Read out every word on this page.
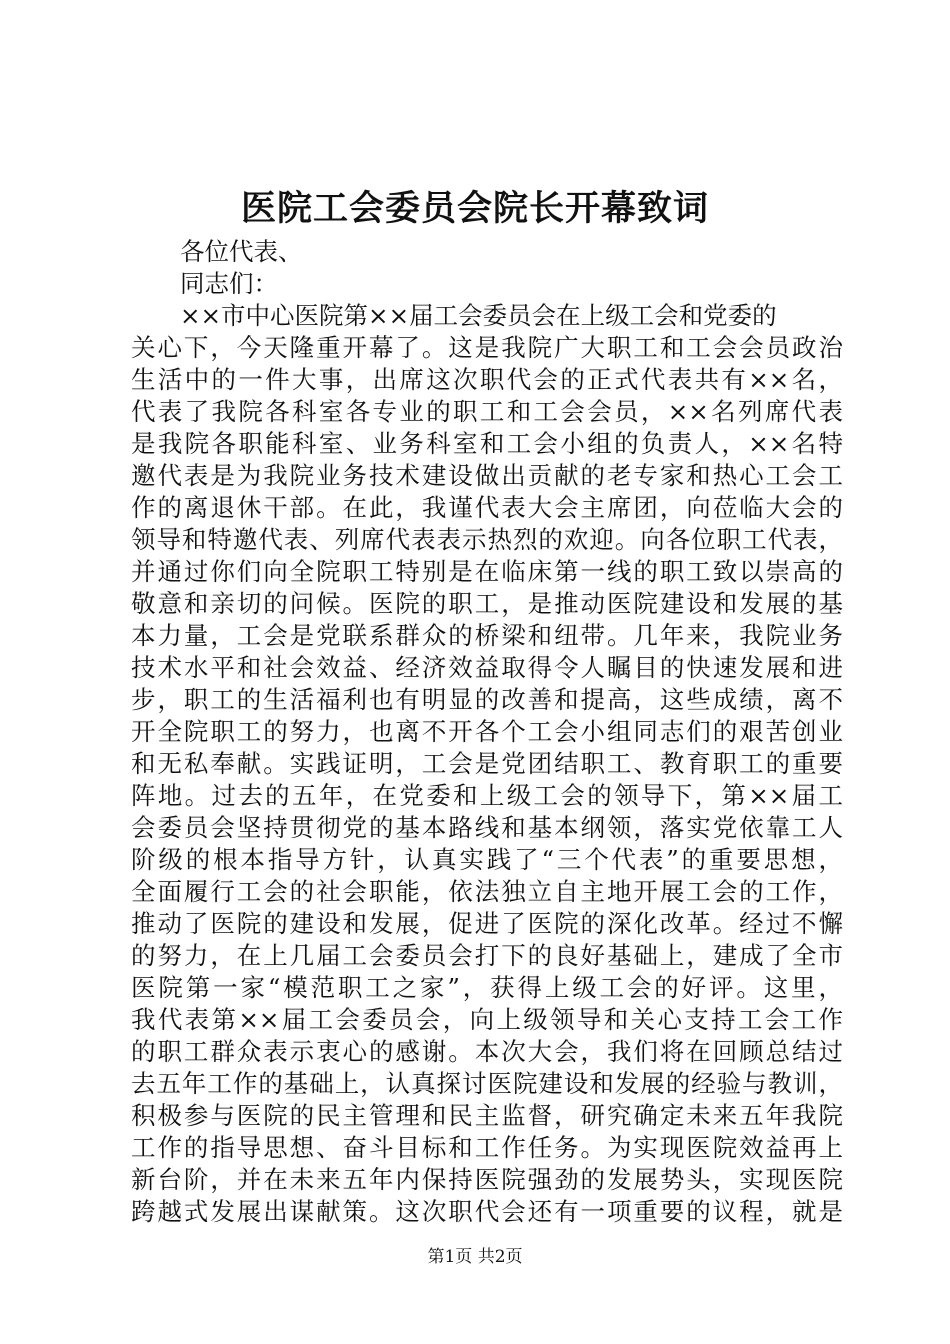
医院工会委员会院长开幕致词
各位代表、
同志们：
××市中心医院第××届工会委员会在上级工会和党委的
关心下，今天隆重开幕了。这是我院广大职工和工会会员政治
生活中的一件大事，出席这次职代会的正式代表共有××名，
代表了我院各科室各专业的职工和工会会员，××名列席代表
是我院各职能科室、业务科室和工会小组的负责人，××名特
邀代表是为我院业务技术建设做出贡献的老专家和热心工会工
作的离退休干部。在此，我谨代表大会主席团，向莅临大会的
领导和特邀代表、列席代表表示热烈的欢迎。向各位职工代表，
并通过你们向全院职工特别是在临床第一线的职工致以崇高的
敬意和亲切的问候。医院的职工，是推动医院建设和发展的基
本力量，工会是党联系群众的桥梁和纽带。几年来，我院业务
技术水平和社会效益、经济效益取得令人瞩目的快速发展和进
步，职工的生活福利也有明显的改善和提高，这些成绩，离不
开全院职工的努力，也离不开各个工会小组同志们的艰苦创业
和无私奉献。实践证明，工会是党团结职工、教育职工的重要
阵地。过去的五年，在党委和上级工会的领导下，第××届工
会委员会坚持贯彻党的基本路线和基本纲领，落实党依靠工人
阶级的根本指导方针，认真实践了“三个代表”的重要思想，
全面履行工会的社会职能，依法独立自主地开展工会的工作，
推动了医院的建设和发展，促进了医院的深化改革。经过不懈
的努力，在上几届工会委员会打下的良好基础上，建成了全市
医院第一家“模范职工之家”，获得上级工会的好评。这里，
我代表第××届工会委员会，向上级领导和关心支持工会工作
的职工群众表示衷心的感谢。本次大会，我们将在回顾总结过
去五年工作的基础上，认真探讨医院建设和发展的经验与教训，
积极参与医院的民主管理和民主监督，研究确定未来五年我院
工作的指导思想、奋斗目标和工作任务。为实现医院效益再上
新台阶，并在未来五年内保持医院强劲的发展势头，实现医院
跨越式发展出谋献策。这次职代会还有一项重要的议程，就是
第1页 共2页
